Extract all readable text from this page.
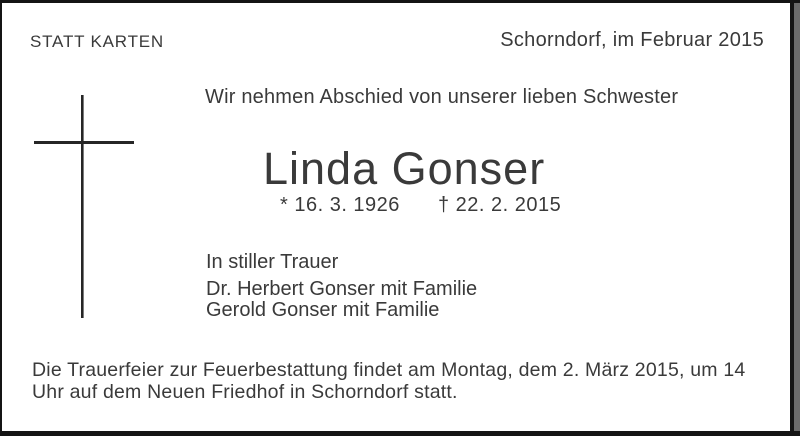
STATT KARTEN	Schorndorf, im Februar 2015
Wir nehmen Abschied von unserer lieben Schwester
Linda Gonser
* 16. 3. 1926 † 22. 2. 2015
In stiller Trauer
Dr. Herbert Gonser mit Familie
Gerold Gonser mit Familie
Die Trauerfeier zur Feuerbestattung findet am Montag, dem 2. März 2015, um 14 Uhr auf dem Neuen Friedhof in Schorndorf statt.
